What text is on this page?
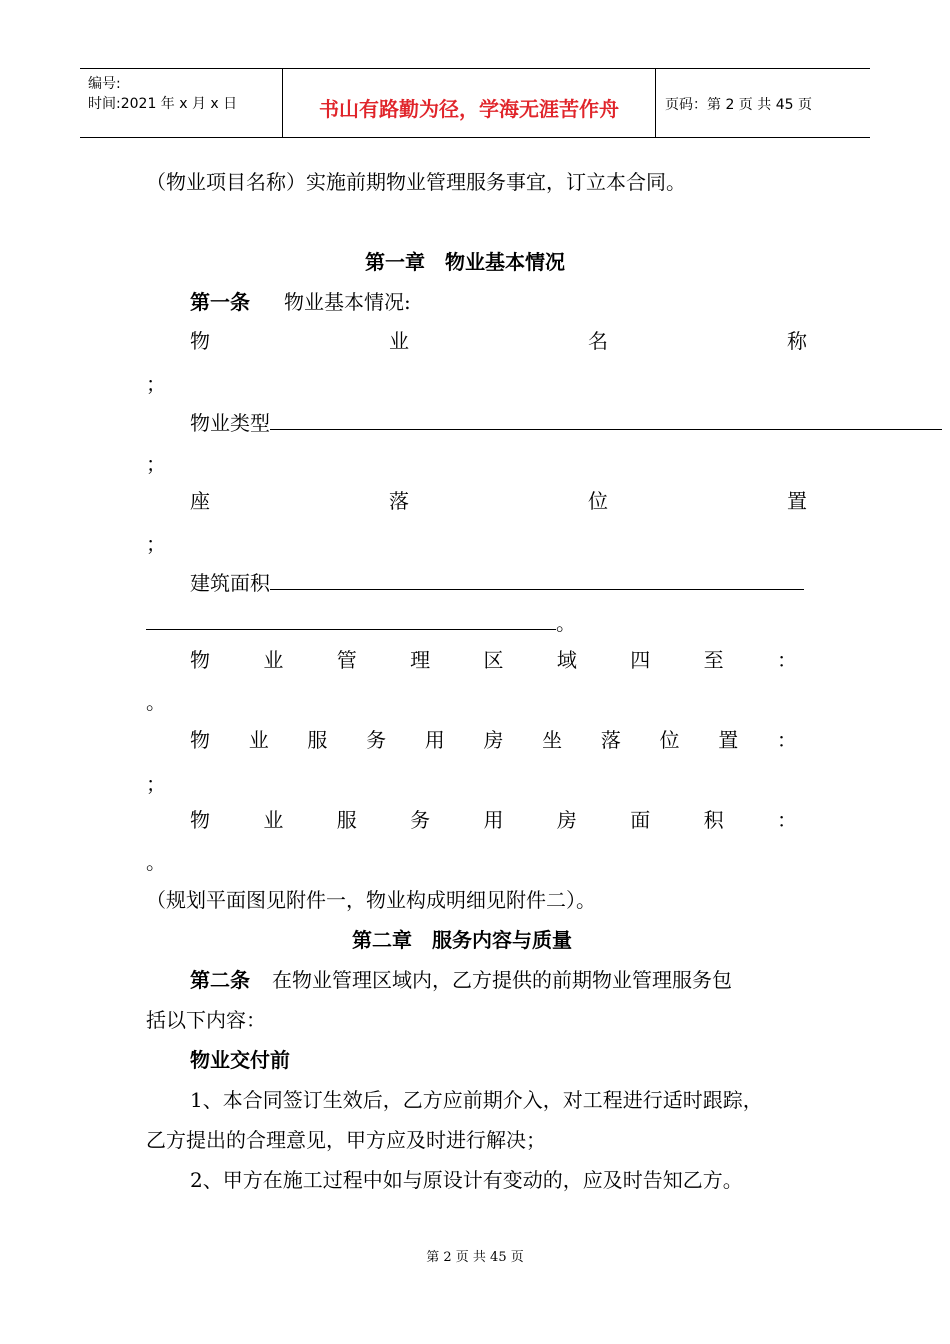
编号:
时间:2021 年 x 月 x 日	书山有路勤为径，学海无涯苦作舟	页码：第 2 页 共 45 页
（物业项目名称）实施前期物业管理服务事宜，订立本合同。
第一章　物业基本情况
第一条 物业基本情况:
物	业	名	称
；
物业类型
；
座	落	位	置
；
建筑面积
。
物	业	管	理	区	域	四	至	：
。
物 业 服 务 用 房 坐 落 位 置 ：
；
物	业	服	务	用	房	面	积	：
。
（规划平面图见附件一，物业构成明细见附件二）。
第二章　服务内容与质量
第二条 在物业管理区域内，乙方提供的前期物业管理服务包
括以下内容：
物业交付前
1、本合同签订生效后，乙方应前期介入，对工程进行适时跟踪，
乙方提出的合理意见，甲方应及时进行解决；
2、甲方在施工过程中如与原设计有变动的，应及时告知乙方。
第 2 页 共 45 页
